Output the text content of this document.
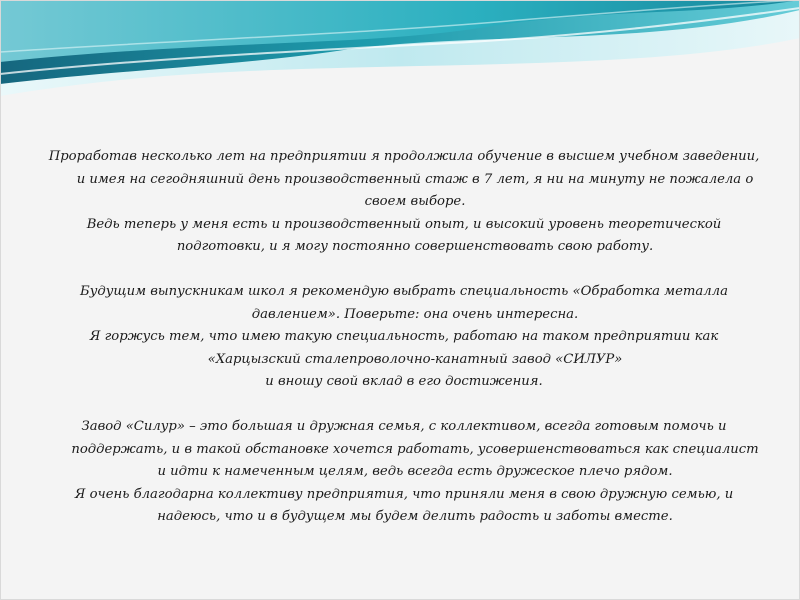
Проработав несколько лет на предприятии я продолжила обучение в высшем учебном заведении, и имея на сегодняшний день производственный стаж в 7 лет, я ни на минуту не пожалела о своем выборе.

Ведь теперь у меня есть и производственный опыт, и высокий уровень теоретической подготовки, и я могу постоянно совершенствовать свою работу.

Будущим выпускникам школ я рекомендую выбрать специальность «Обработка металла давлением». Поверьте: она очень интересна.

Я горжусь тем, что имею такую специальность, работаю на таком предприятии как «Харцызский сталепроволочно-канатный завод «СИЛУР»

и вношу свой вклад в его достижения.

Завод «Силур» – это большая и дружная семья, с коллективом, всегда готовым помочь и поддержать, и в такой обстановке хочется работать, усовершенствоваться как специалист и идти к намеченным целям, ведь всегда есть дружеское плечо рядом.

Я очень благодарна коллективу предприятия, что приняли меня в свою дружную семью, и надеюсь, что и в будущем мы будем делить радость и заботы вместе.
